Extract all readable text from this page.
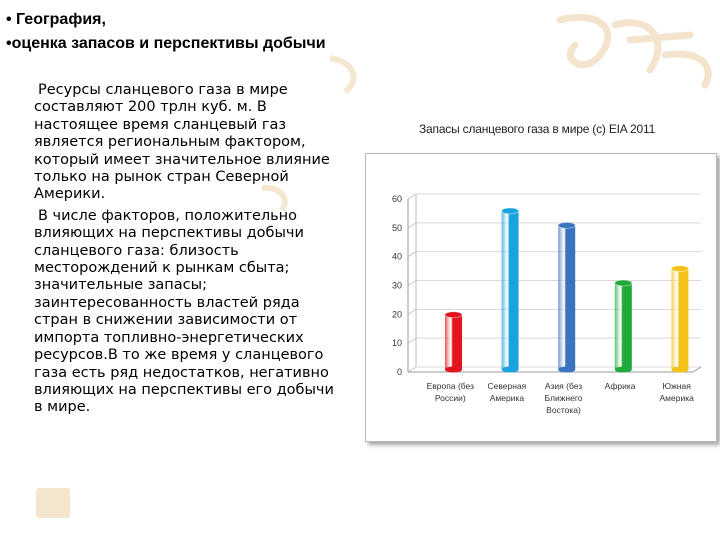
• География,
•оценка запасов и перспективы добычи

Ресурсы сланцевого газа в мире составляют 200 трлн куб. м. В настоящее время сланцевый газ является региональным фактором, который имеет значительное влияние только на рынок стран Северной Америки.

В числе факторов, положительно влияющих на перспективы добычи сланцевого газа: близость месторождений к рынкам сбыта; значительные запасы; заинтересованность властей ряда стран в снижении зависимости от импорта топливно-энергетических ресурсов.В то же время у сланцевого газа есть ряд недостатков, негативно влияющих на перспективы его добычи в мире.

Запасы сланцевого газа в мире (с) EIA 2011
0
10
20
30
40
50
60
Европа (без
России)
Северная
Америка
Азия (без
Ближнего
Востока)
Африка	Южная
Америка
